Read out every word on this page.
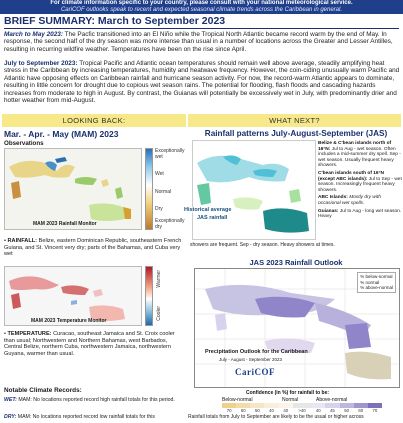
For climate information specific to your country, please consult with your national meteorological service.
CariCOF outlooks speak to recent and expected seasonal climate trends across the Caribbean in general.
BRIEF SUMMARY: March to September 2023
March to May 2023: The Pacfic transitioned into an El Niño while the Tropical North Atlantic became record warm by the end of May. In response, the second half of the dry season was more intense than usual in a number of locations across the Greater and Lesser Antilles, resulting in recurring wildfire weather. Temperatures have been on the rise since April.
July to September 2023: Tropical Pacific and Atlantic ocean temperatures should remain well above average, steadily amplifying heat stress in the Caribbean by increasing temperatures, humidity and heatwave frequency. However, the coin-ciding unusually warm Pacific and Atlantic have opposing effects on Caribbean rainfall and hurricane season activity. For now, the record-warm Atlantic appears to dominate, resulting in little concern for drought due to copious wet season rains. The potential for flooding, flash floods and cascading hazards increases from moderate to high in August. By contrast, the Guianas will potentially be excessively wet in July, with predominantly drier and hotter weather from mid-August.
LOOKING BACK:	WHAT NEXT?
Mar. - Apr. - May (MAM) 2023
Observations
MAM 2023 Rainfall Monitor
Exceptionally wet
Wet
Normal
Dry
Exceptionally dry
• RAINFALL: Belize, eastern Dominican Republic, southeastern French Guiana, and St. Vincent very dry; parts of the Bahamas, and Cuba very wet
MAM 2023 Temperature Monitor
Warmer
Cooler
• TEMPERATURE: Curacao, southeast Jamaica and St. Croix cooler than usual; Northwestern and Northern Bahamas, west Barbados, Central Belize, northern Cuba, northwestern Jamaica, northwestern Guyana, warmer than usual.
Notable Climate Records:
WET: MAM: No locations reported record high rainfall totals for this period.
DRY: MAM: No locations reported record low rainfall totals for this
Rainfall patterns July-August-September (JAS)
Historical average
JAS rainfall
Belize & C'bean islands north of 16°N: Jul to Aug - wet season. Often includes a mid-summer dry spell. Sep - wet season. Usually frequent heavy showers.
C'bean islands south of 16°N (except ABC islands): Jul to Sep - wet season. Increasingly frequent heavy showers.
ABC Islands: Mostly dry with occasional wet spells.
Guianas: Jul to Aug - long wet season. Heavy
showers are frequent. Sep - dry season. Heavy showers at times.
JAS 2023 Rainfall Outlook
% below-normal
% normal
% above-normal
Precipitation Outlook for the Caribbean
July - August - September 2023
CariCOF
Confidence (in %) for rainfall to be:
Below-normal	Normal	Above-normal
70	60	50	40	40	>40	40	45	50	60	70
Rainfall totals from July to September are likely to be the usual or higher across
